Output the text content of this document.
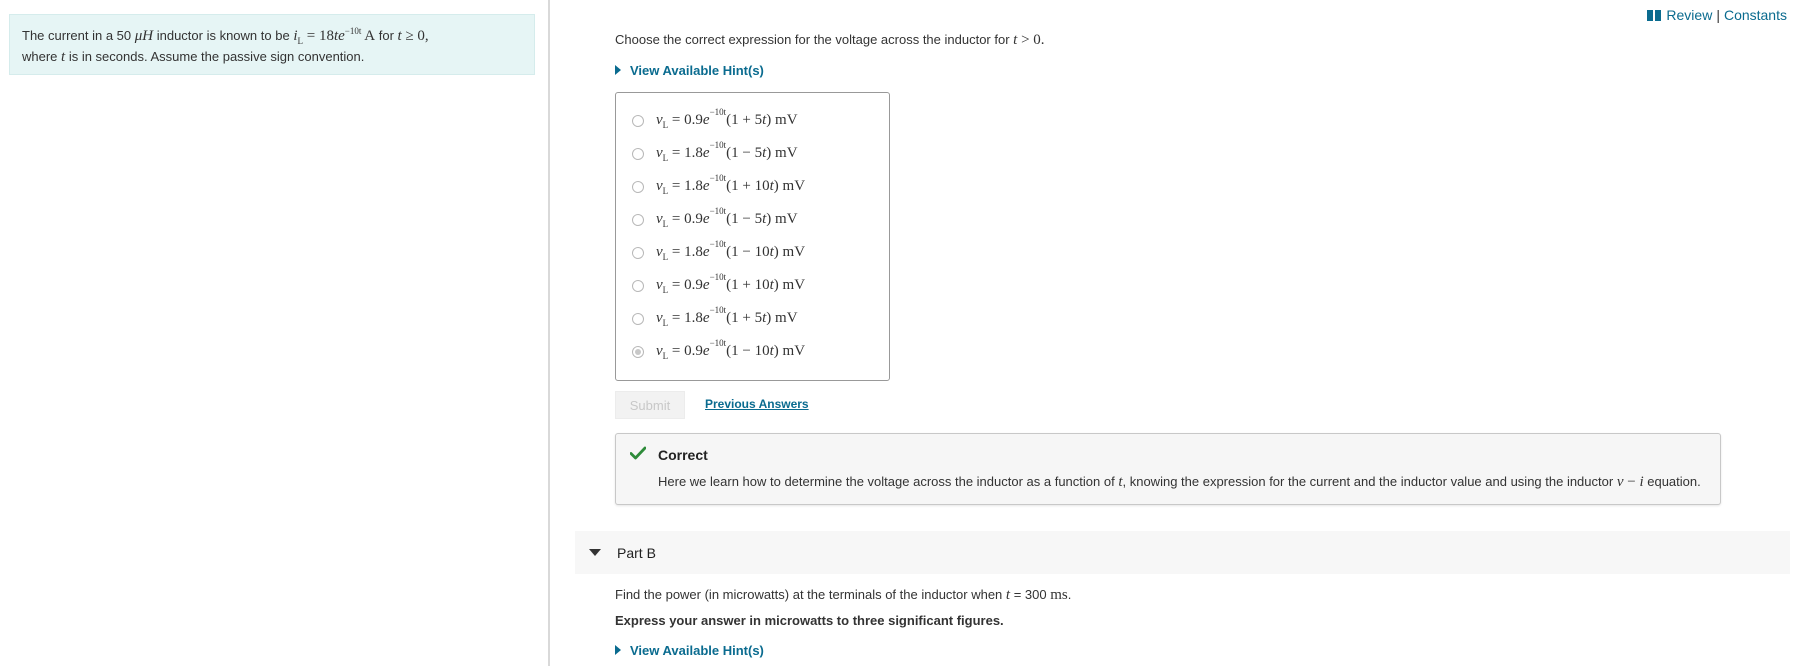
The current in a 50 μH inductor is known to be $i_L = 18te^{-10t}$ A for t ≥ 0,
where t is in seconds. Assume the passive sign convention.
Review | Constants
Choose the correct expression for the voltage across the inductor for t > 0.
View Available Hint(s)
$v_L = 0.9e^{-10t}(1 + 5t)$ mV
$v_L = 1.8e^{-10t}(1 - 5t)$ mV
$v_L = 1.8e^{-10t}(1 + 10t)$ mV
$v_L = 0.9e^{-10t}(1 - 5t)$ mV
$v_L = 1.8e^{-10t}(1 - 10t)$ mV
$v_L = 0.9e^{-10t}(1 + 10t)$ mV
$v_L = 1.8e^{-10t}(1 + 5t)$ mV
$v_L = 0.9e^{-10t}(1 - 10t)$ mV
Submit	Previous Answers
Correct
Here we learn how to determine the voltage across the inductor as a function of t, knowing the expression for the current and the inductor value and using the inductor v − i equation.
Part B
Find the power (in microwatts) at the terminals of the inductor when t = 300 ms.
Express your answer in microwatts to three significant figures.
View Available Hint(s)
